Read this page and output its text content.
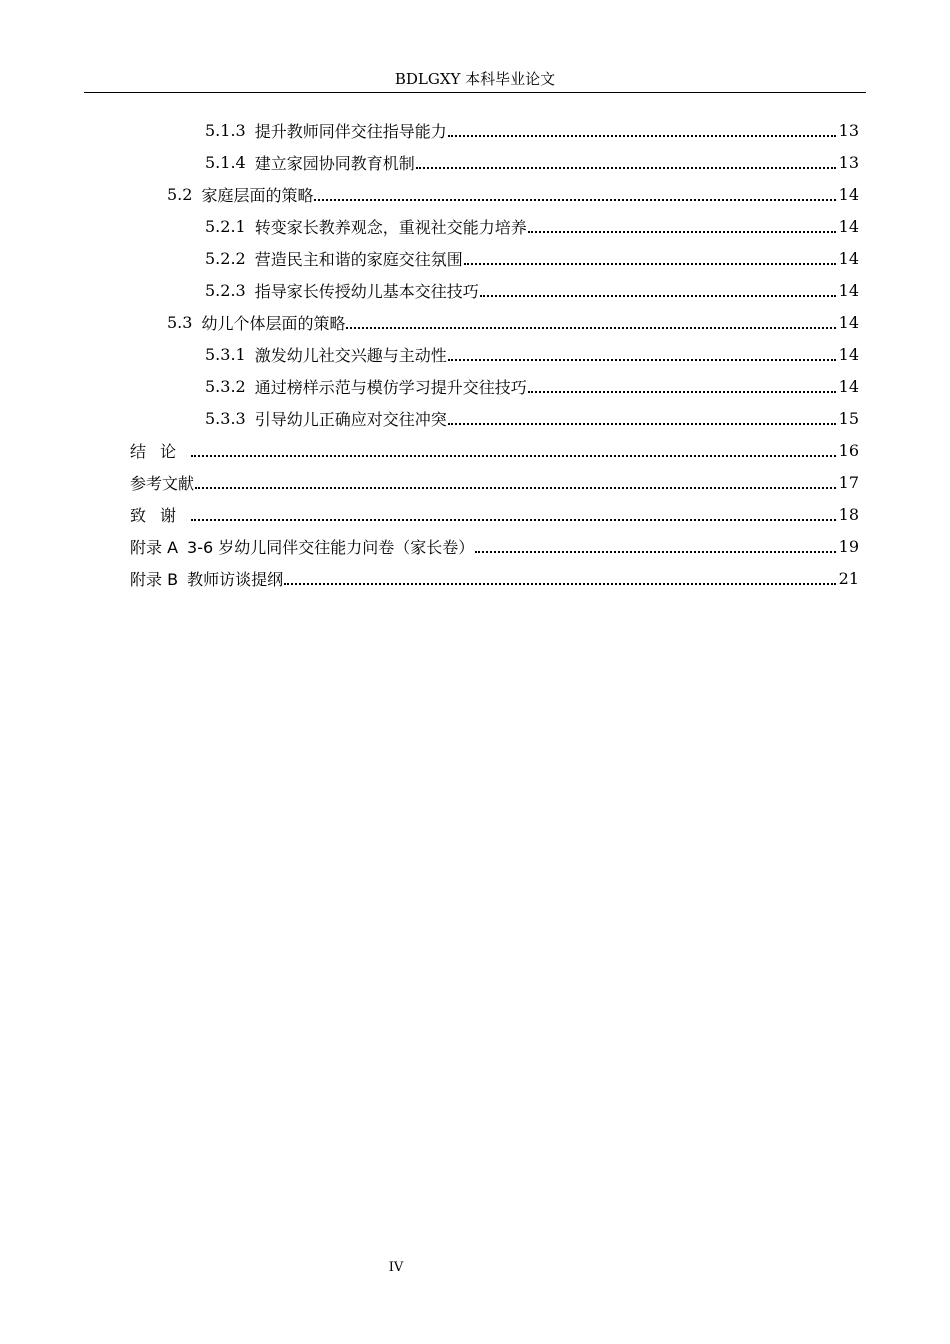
BDLGXY 本科毕业论文
5.1.3 提升教师同伴交往指导能力	13
5.1.4 建立家园协同教育机制	13
5.2 家庭层面的策略	14
5.2.1 转变家长教养观念，重视社交能力培养	14
5.2.2 营造民主和谐的家庭交往氛围	14
5.2.3 指导家长传授幼儿基本交往技巧	14
5.3 幼儿个体层面的策略	14
5.3.1 激发幼儿社交兴趣与主动性	14
5.3.2 通过榜样示范与模仿学习提升交往技巧	14
5.3.3 引导幼儿正确应对交往冲突	15
结论	16
参考文献	17
致谢	18
附录 A 3-6 岁幼儿同伴交往能力问卷（家长卷）	19
附录 B 教师访谈提纲	21
IV
